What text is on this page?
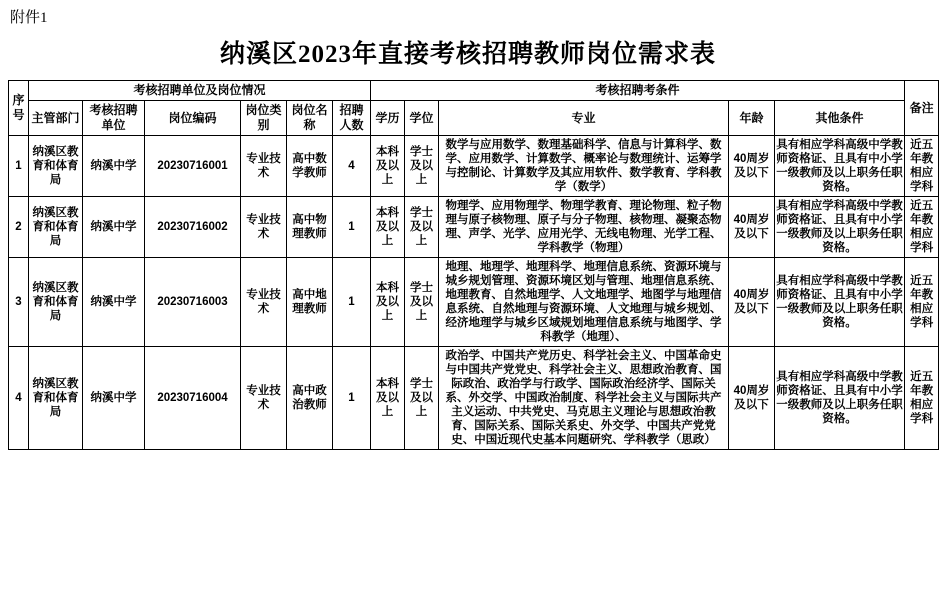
附件1
纳溪区2023年直接考核招聘教师岗位需求表
序号	考核招聘单位及岗位情况						考核招聘考条件					备注
	主管部门	考核招聘单位	岗位编码	岗位类别	岗位名称	招聘人数	学历	学位	专业	年龄	其他条件	
1	纳溪区教育和体育局	纳溪中学	20230716001	专业技术	高中数学教师	4	本科及以上	学士及以上	数学与应用数学、数理基础科学、信息与计算科学、数学、应用数学、计算数学、概率论与数理统计、运筹学与控制论、计算数学及其应用软件、数学教育、学科教学（数学）	40周岁及以下	具有相应学科高级中学教师资格证、且具有中小学一级教师及以上职务任职资格。	近五年教相应学科
2	纳溪区教育和体育局	纳溪中学	20230716002	专业技术	高中物理教师	1	本科及以上	学士及以上	物理学、应用物理学、物理学教育、理论物理、粒子物理与原子核物理、原子与分子物理、核物理、凝聚态物理、声学、光学、应用光学、无线电物理、光学工程、学科教学（物理）	40周岁及以下	具有相应学科高级中学教师资格证、且具有中小学一级教师及以上职务任职资格。	近五年教相应学科
3	纳溪区教育和体育局	纳溪中学	20230716003	专业技术	高中地理教师	1	本科及以上	学士及以上	地理、地理学、地理科学、地理信息系统、资源环境与城乡规划管理、资源环境区划与管理、地理信息系统、地理教育、自然地理学、人文地理学、地图学与地理信息系统、自然地理与资源环境、人文地理与城乡规划、经济地理学与城乡区域规划地理信息系统与地图学、学科教学（地理）、	40周岁及以下	具有相应学科高级中学教师资格证、且具有中小学一级教师及以上职务任职资格。	近五年教相应学科
4	纳溪区教育和体育局	纳溪中学	20230716004	专业技术	高中政治教师	1	本科及以上	学士及以上	政治学、中国共产党历史、科学社会主义、中国革命史与中国共产党党史、科学社会主义、思想政治教育、国际政治、政治学与行政学、国际政治经济学、国际关系、外交学、中国政治制度、科学社会主义与国际共产主义运动、中共党史、马克思主义理论与思想政治教育、国际关系、国际关系史、外交学、中国共产党党史、中国近现代史基本问题研究、学科教学（思政）	40周岁及以下	具有相应学科高级中学教师资格证、且具有中小学一级教师及以上职务任职资格。	近五年教相应学科
